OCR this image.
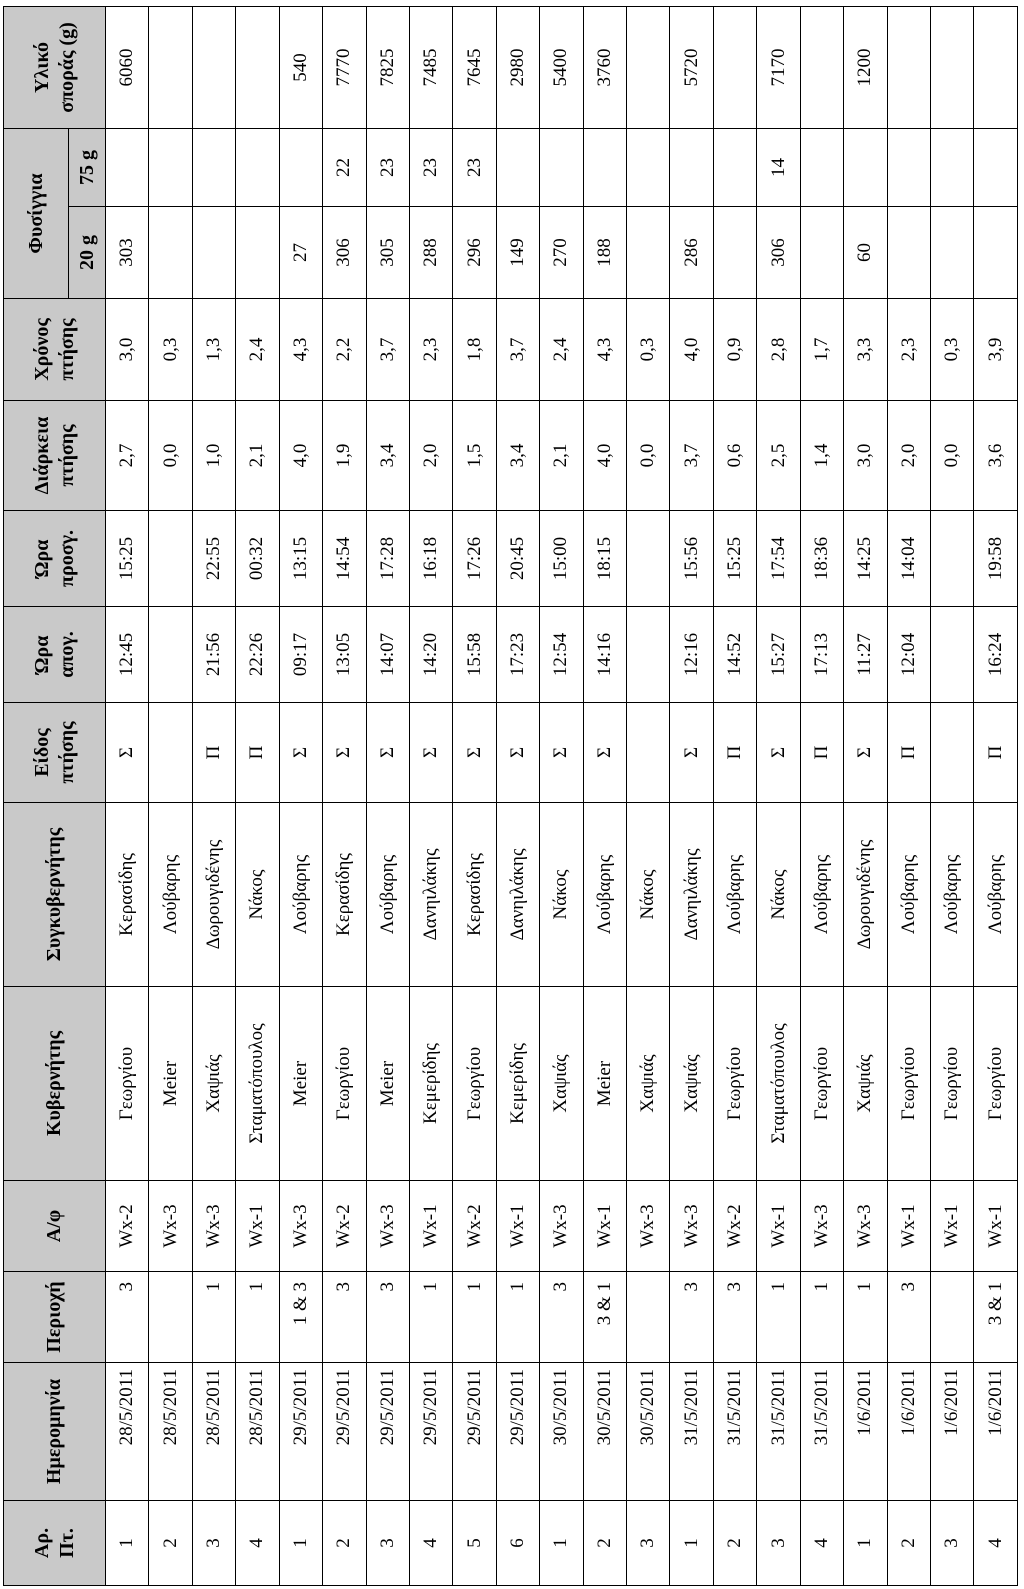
Αρ. Πτ.	Ημερομηνία	Περιοχή	Α/φ	Κυβερνήτης	Συγκυβερνήτης	Είδος πτήσης	Ώρα απογ.	Ώρα προσγ.	Διάρκεια πτήσης	Χρόνος πτήσης	Φυσίγγια		Υλικό σποράς (g)
											20 g	75 g	
1	28/5/2011	3	Wx-2	Γεωργίου	Κερασίδης	Σ	12:45	15:25	2,7	3,0	303		6060
2	28/5/2011		Wx-3	Meier	Λούβαρης				0,0	0,3			
3	28/5/2011	1	Wx-3	Χαψιάς	Δωρουγιδένης	Π	21:56	22:55	1,0	1,3			
4	28/5/2011	1	Wx-1	Σταματόπουλος	Νάκος	Π	22:26	00:32	2,1	2,4			
1	29/5/2011	1 & 3	Wx-3	Meier	Λούβαρης	Σ	09:17	13:15	4,0	4,3	27		540
2	29/5/2011	3	Wx-2	Γεωργίου	Κερασίδης	Σ	13:05	14:54	1,9	2,2	306	22	7770
3	29/5/2011	3	Wx-3	Meier	Λούβαρης	Σ	14:07	17:28	3,4	3,7	305	23	7825
4	29/5/2011	1	Wx-1	Κεμερίδης	Δανηιλάκης	Σ	14:20	16:18	2,0	2,3	288	23	7485
5	29/5/2011	1	Wx-2	Γεωργίου	Κερασίδης	Σ	15:58	17:26	1,5	1,8	296	23	7645
6	29/5/2011	1	Wx-1	Κεμερίδης	Δανηιλάκης	Σ	17:23	20:45	3,4	3,7	149		2980
1	30/5/2011	3	Wx-3	Χαψιάς	Νάκος	Σ	12:54	15:00	2,1	2,4	270		5400
2	30/5/2011	3 & 1	Wx-1	Meier	Λούβαρης	Σ	14:16	18:15	4,0	4,3	188		3760
3	30/5/2011		Wx-3	Χαψιάς	Νάκος				0,0	0,3			
1	31/5/2011	3	Wx-3	Χαψιάς	Δανηιλάκης	Σ	12:16	15:56	3,7	4,0	286		5720
2	31/5/2011	3	Wx-2	Γεωργίου	Λούβαρης	Π	14:52	15:25	0,6	0,9			
3	31/5/2011	1	Wx-1	Σταματόπουλος	Νάκος	Σ	15:27	17:54	2,5	2,8	306	14	7170
4	31/5/2011	1	Wx-3	Γεωργίου	Λούβαρης	Π	17:13	18:36	1,4	1,7			
1	1/6/2011	1	Wx-3	Χαψιάς	Δωρουγιδένης	Σ	11:27	14:25	3,0	3,3	60		1200
2	1/6/2011	3	Wx-1	Γεωργίου	Λούβαρης	Π	12:04	14:04	2,0	2,3			
3	1/6/2011		Wx-1	Γεωργίου	Λούβαρης				0,0	0,3			
4	1/6/2011	3 & 1	Wx-1	Γεωργίου	Λούβαρης	Π	16:24	19:58	3,6	3,9			
